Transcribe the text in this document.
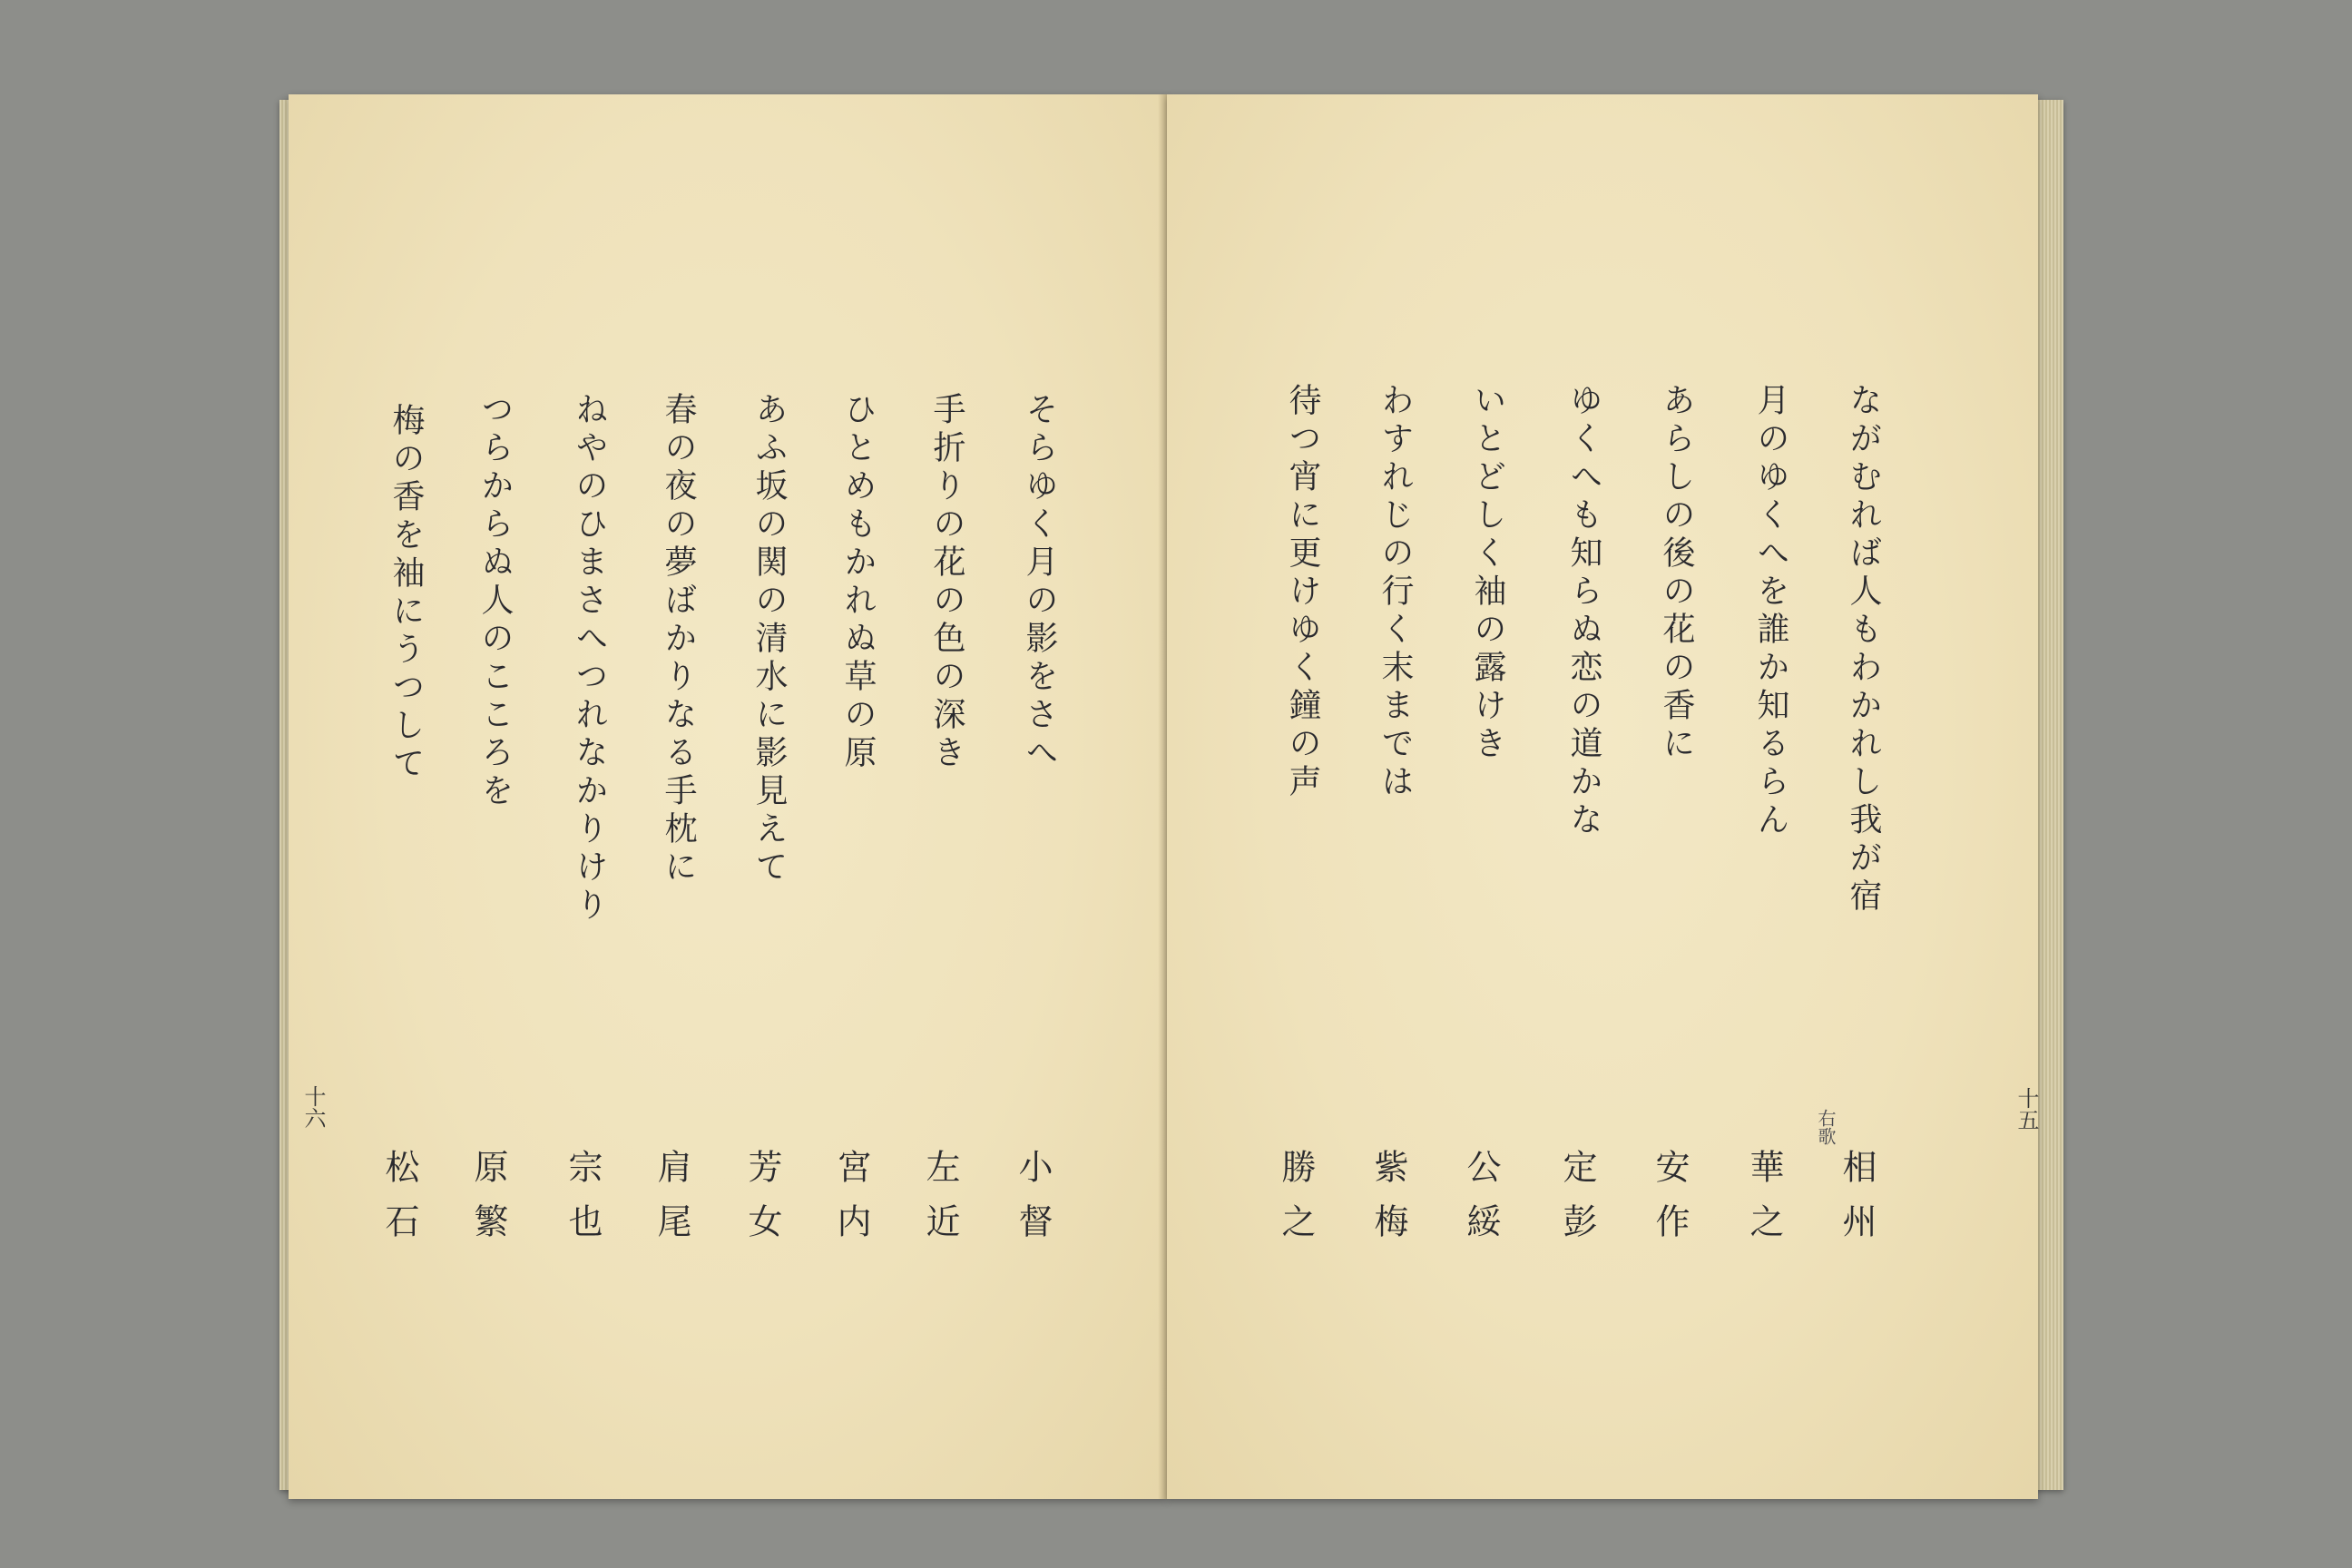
そらゆく月の影をさへ
手折りの花の色の深き
ひとめもかれぬ草の原
あふ坂の関の清水に影見えて
春の夜の夢ばかりなる手枕に
ねやのひまさへつれなかりけり
つらからぬ人のこころを
梅の香を袖にうつして
小督
左近
宮内
芳女
肩尾
宗也
原繁
松石
十六
ながむれば人もわかれし我が宿
月のゆくへを誰か知るらん
あらしの後の花の香に
ゆくへも知らぬ恋の道かな
いとどしく袖の露けき
わすれじの行く末までは
待つ宵に更けゆく鐘の声
右歌
相州
華之
安作
定彭
公綏
紫梅
勝之
十五
